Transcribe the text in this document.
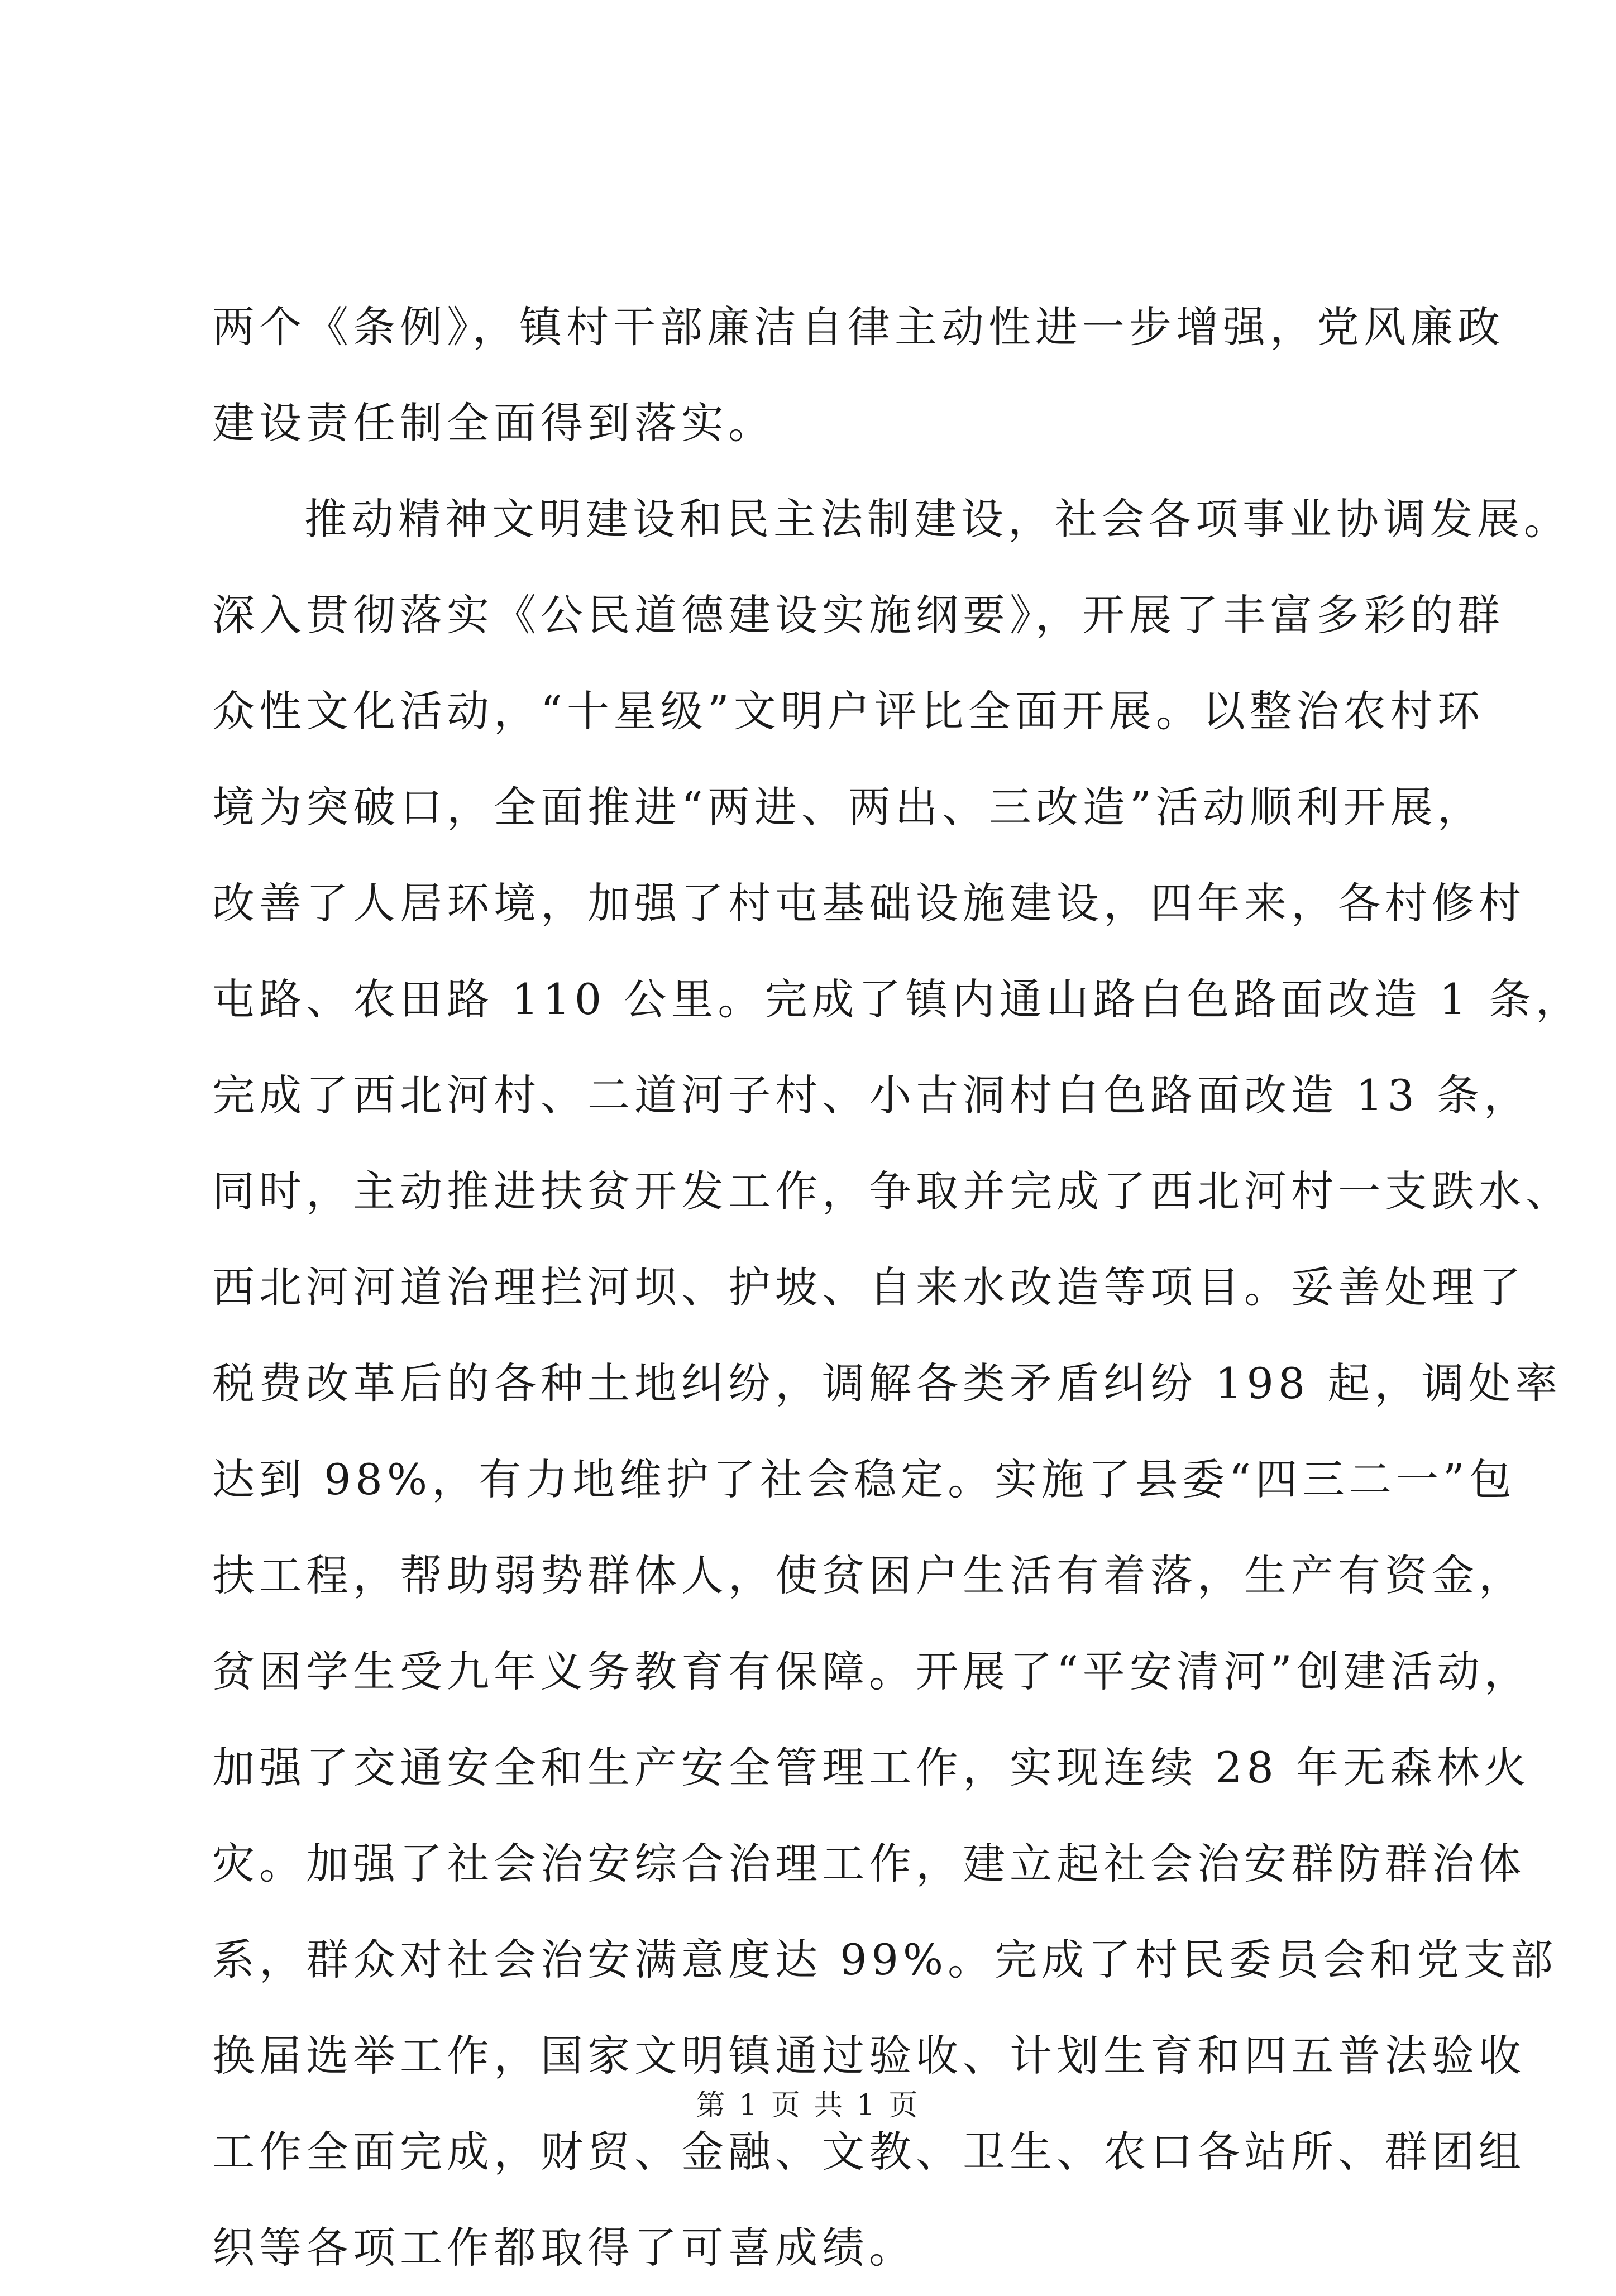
两个《条例》，镇村干部廉洁自律主动性进一步增强，党风廉政
建设责任制全面得到落实。
推动精神文明建设和民主法制建设，社会各项事业协调发展。
深入贯彻落实《公民道德建设实施纲要》，开展了丰富多彩的群
众性文化活动，“十星级”文明户评比全面开展。以整治农村环
境为突破口，全面推进“两进、两出、三改造”活动顺利开展，
改善了人居环境，加强了村屯基础设施建设，四年来，各村修村
屯路、农田路 110 公里。完成了镇内通山路白色路面改造 1 条，
完成了西北河村、二道河子村、小古洞村白色路面改造 13 条，
同时，主动推进扶贫开发工作，争取并完成了西北河村一支跌水、
西北河河道治理拦河坝、护坡、自来水改造等项目。妥善处理了
税费改革后的各种土地纠纷，调解各类矛盾纠纷 198 起，调处率
达到 98%，有力地维护了社会稳定。实施了县委“四三二一”包
扶工程，帮助弱势群体人，使贫困户生活有着落，生产有资金，
贫困学生受九年义务教育有保障。开展了“平安清河”创建活动，
加强了交通安全和生产安全管理工作，实现连续 28 年无森林火
灾。加强了社会治安综合治理工作，建立起社会治安群防群治体
系，群众对社会治安满意度达 99%。完成了村民委员会和党支部
换届选举工作，国家文明镇通过验收、计划生育和四五普法验收
工作全面完成，财贸、金融、文教、卫生、农口各站所、群团组
织等各项工作都取得了可喜成绩。
第 1 页 共 1 页
